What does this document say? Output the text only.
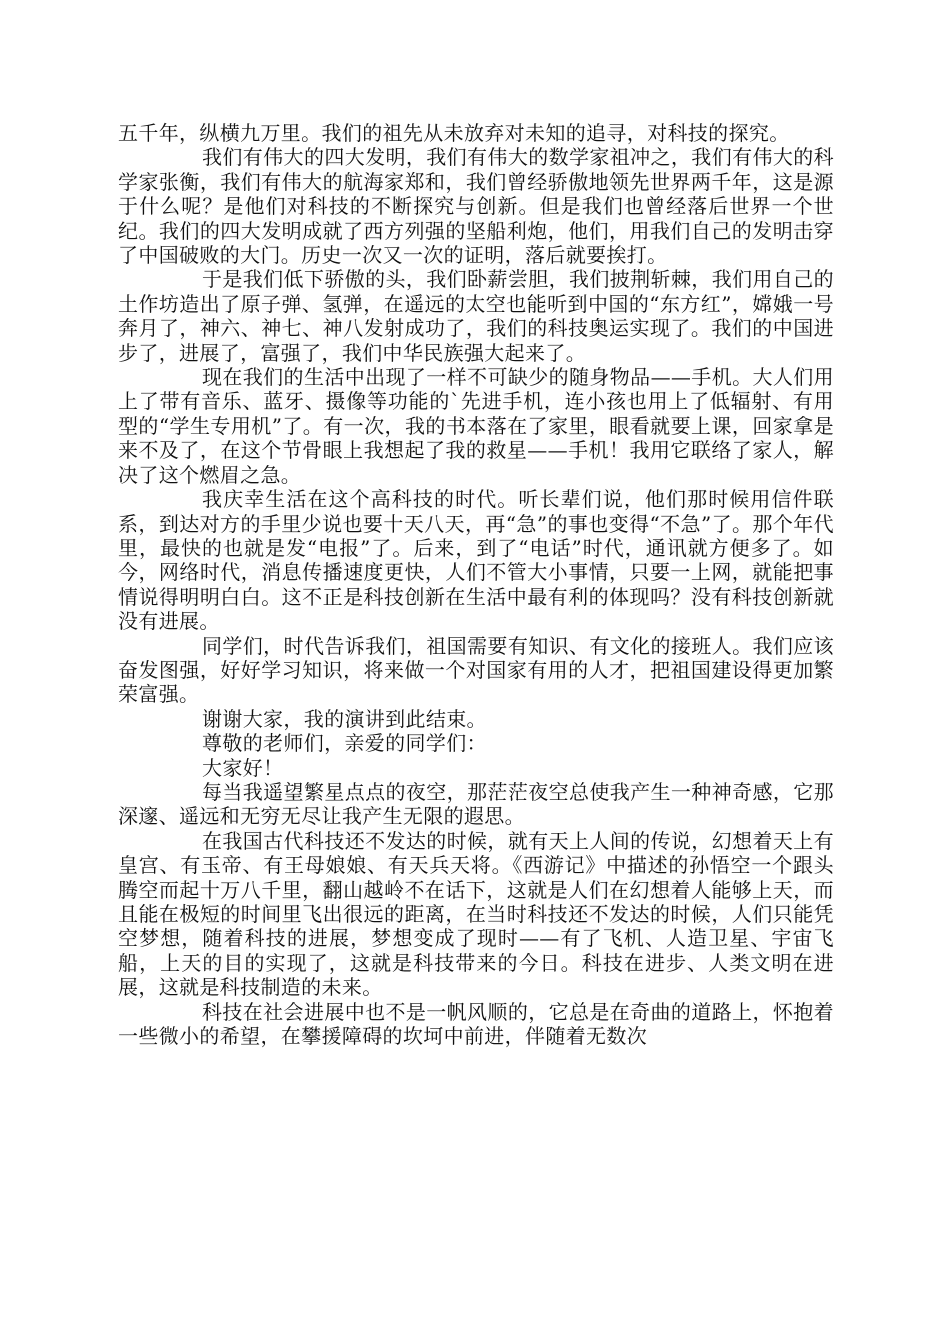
五千年，纵横九万里。我们的祖先从未放弃对未知的追寻，对科技的探究。

我们有伟大的四大发明，我们有伟大的数学家祖冲之，我们有伟大的科学家张衡，我们有伟大的航海家郑和，我们曾经骄傲地领先世界两千年，这是源于什么呢？是他们对科技的不断探究与创新。但是我们也曾经落后世界一个世纪。我们的四大发明成就了西方列强的坚船利炮，他们，用我们自己的发明击穿了中国破败的大门。历史一次又一次的证明，落后就要挨打。

于是我们低下骄傲的头，我们卧薪尝胆，我们披荆斩棘，我们用自己的土作坊造出了原子弹、氢弹，在遥远的太空也能听到中国的“东方红”，嫦娥一号奔月了，神六、神七、神八发射成功了，我们的科技奥运实现了。我们的中国进步了，进展了，富强了，我们中华民族强大起来了。

现在我们的生活中出现了一样不可缺少的随身物品——手机。大人们用上了带有音乐、蓝牙、摄像等功能的`先进手机，连小孩也用上了低辐射、有用型的“学生专用机”了。有一次，我的书本落在了家里，眼看就要上课，回家拿是来不及了，在这个节骨眼上我想起了我的救星——手机！我用它联络了家人，解决了这个燃眉之急。

我庆幸生活在这个高科技的时代。听长辈们说，他们那时候用信件联系，到达对方的手里少说也要十天八天，再“急”的事也变得“不急”了。那个年代里，最快的也就是发“电报”了。后来，到了“电话”时代，通讯就方便多了。如今，网络时代，消息传播速度更快，人们不管大小事情，只要一上网，就能把事情说得明明白白。这不正是科技创新在生活中最有利的体现吗？没有科技创新就没有进展。

同学们，时代告诉我们，祖国需要有知识、有文化的接班人。我们应该奋发图强，好好学习知识，将来做一个对国家有用的人才，把祖国建设得更加繁荣富强。

谢谢大家，我的演讲到此结束。

尊敬的老师们，亲爱的同学们：

大家好！

每当我遥望繁星点点的夜空，那茫茫夜空总使我产生一种神奇感，它那深邃、遥远和无穷无尽让我产生无限的遐思。

在我国古代科技还不发达的时候，就有天上人间的传说，幻想着天上有皇宫、有玉帝、有王母娘娘、有天兵天将。《西游记》中描述的孙悟空一个跟头腾空而起十万八千里，翻山越岭不在话下，这就是人们在幻想着人能够上天，而且能在极短的时间里飞出很远的距离，在当时科技还不发达的时候，人们只能凭空梦想，随着科技的进展，梦想变成了现时——有了飞机、人造卫星、宇宙飞船，上天的目的实现了，这就是科技带来的今日。科技在进步、人类文明在进展，这就是科技制造的未来。

科技在社会进展中也不是一帆风顺的，它总是在奇曲的道路上，怀抱着一些微小的希望，在攀援障碍的坎坷中前进，伴随着无数次
